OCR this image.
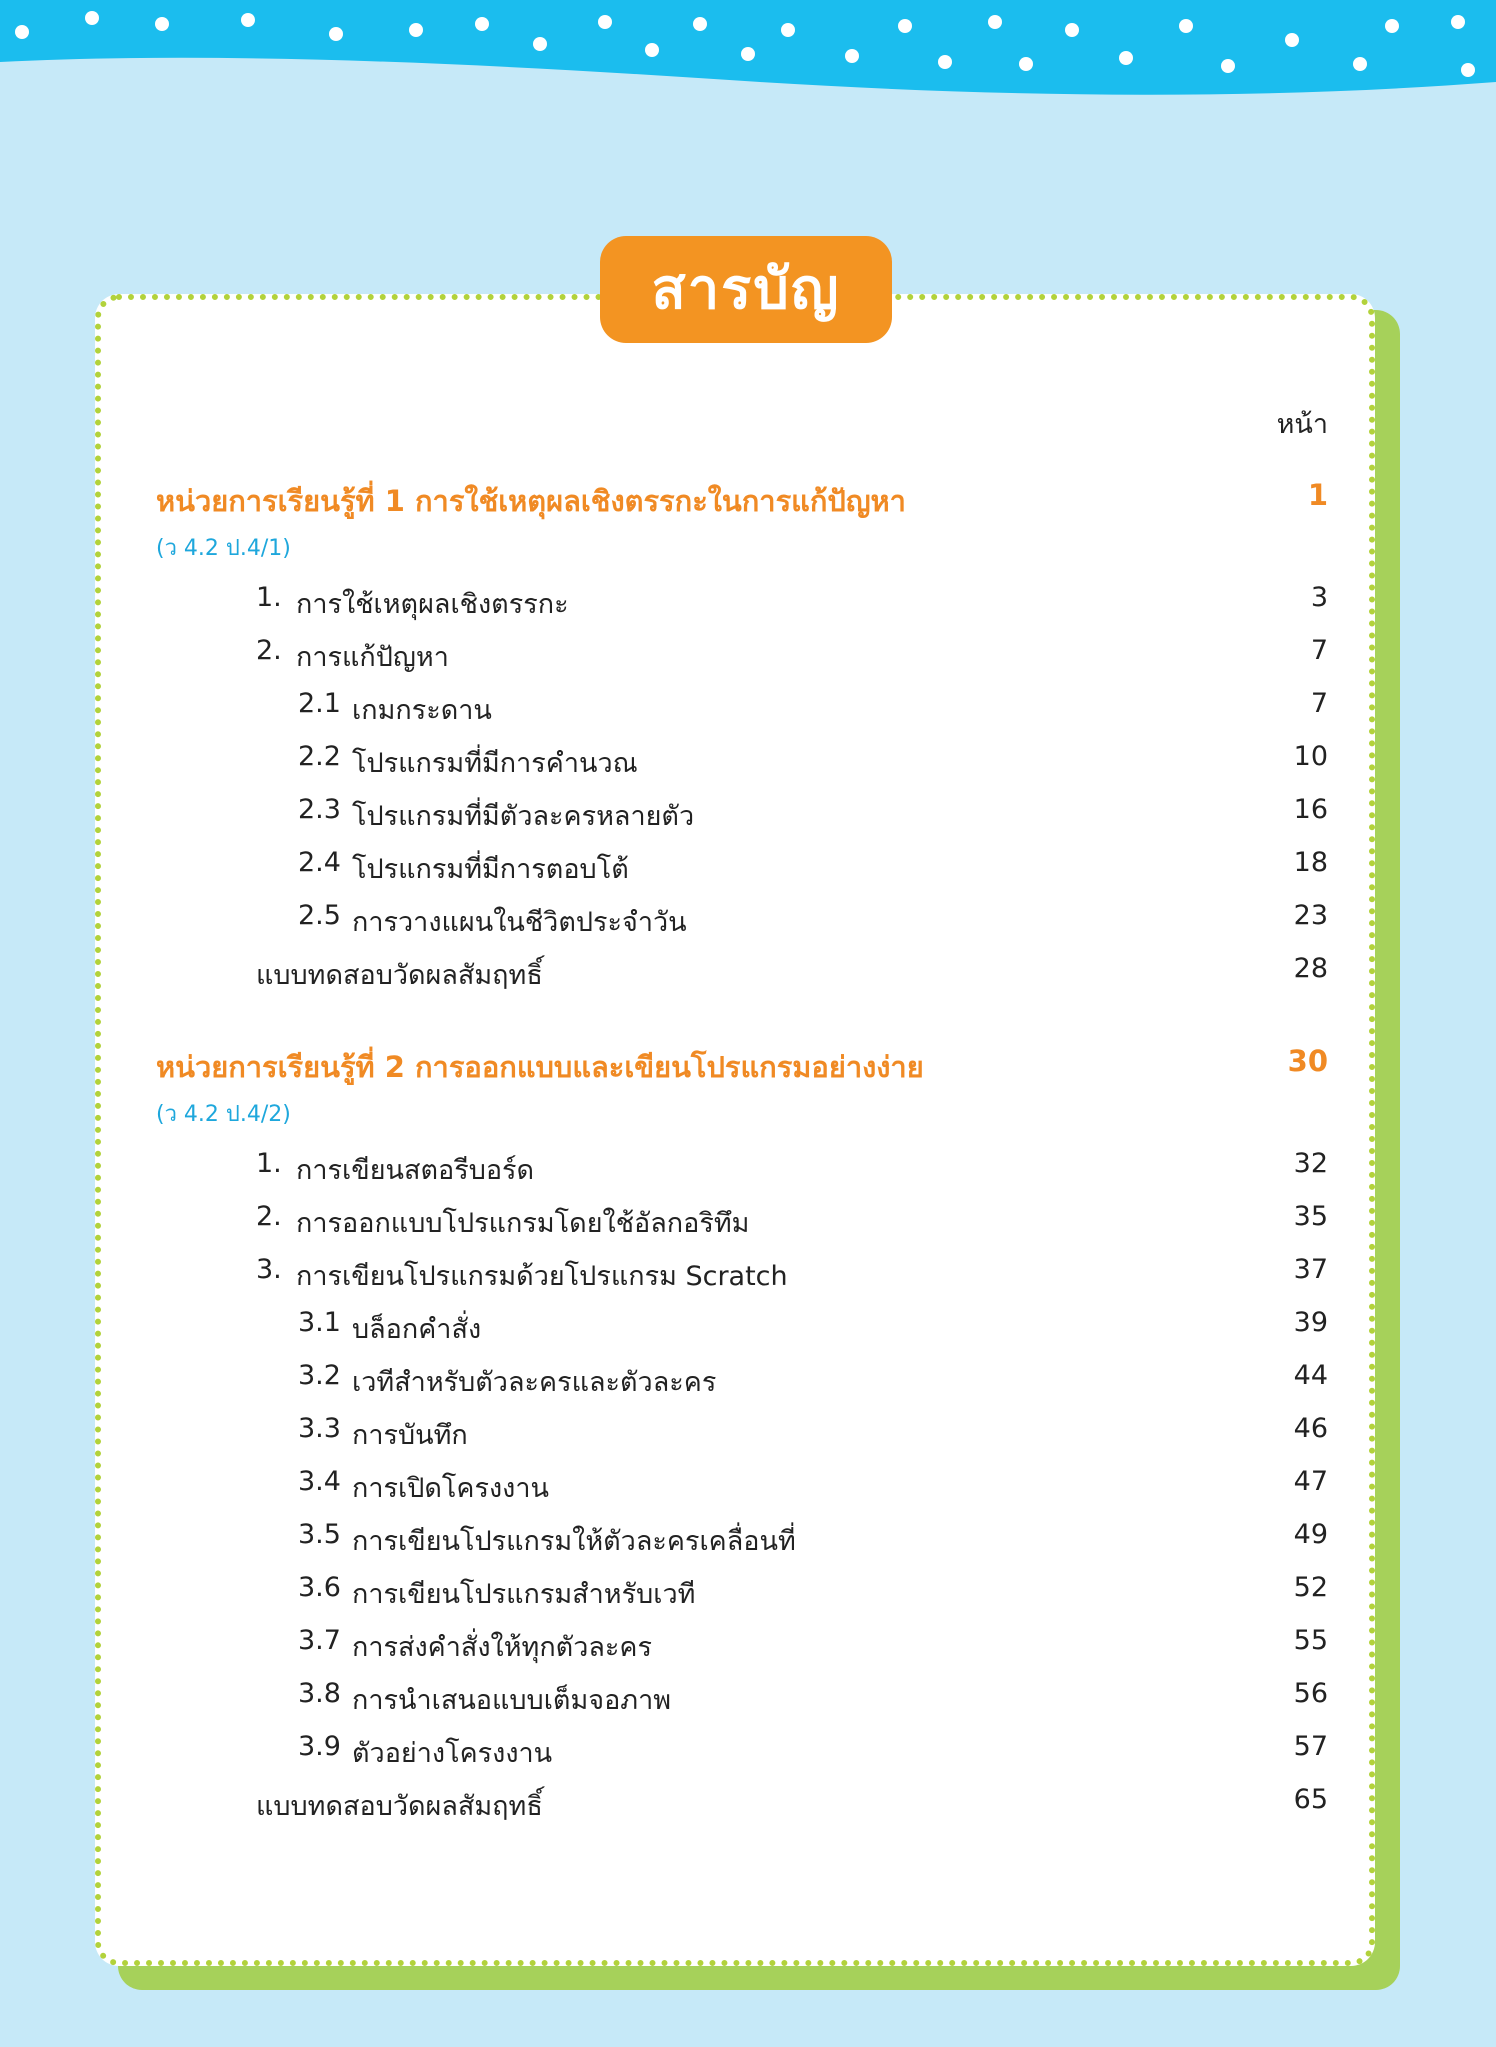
สารบัญ
หน้า
หน่วยการเรียนรู้ที่ 1 การใช้เหตุผลเชิงตรรกะในการแก้ปัญหา	1
(ว 4.2 ป.4/1)
1. การใช้เหตุผลเชิงตรรกะ	3
2. การแก้ปัญหา	7
2.1 เกมกระดาน	7
2.2 โปรแกรมที่มีการคำนวณ	10
2.3 โปรแกรมที่มีตัวละครหลายตัว	16
2.4 โปรแกรมที่มีการตอบโต้	18
2.5 การวางแผนในชีวิตประจำวัน	23
แบบทดสอบวัดผลสัมฤทธิ์	28
หน่วยการเรียนรู้ที่ 2 การออกแบบและเขียนโปรแกรมอย่างง่าย	30
(ว 4.2 ป.4/2)
1. การเขียนสตอรีบอร์ด	32
2. การออกแบบโปรแกรมโดยใช้อัลกอริทึม	35
3. การเขียนโปรแกรมด้วยโปรแกรม Scratch	37
3.1 บล็อกคำสั่ง	39
3.2 เวทีสำหรับตัวละครและตัวละคร	44
3.3 การบันทึก	46
3.4 การเปิดโครงงาน	47
3.5 การเขียนโปรแกรมให้ตัวละครเคลื่อนที่	49
3.6 การเขียนโปรแกรมสำหรับเวที	52
3.7 การส่งคำสั่งให้ทุกตัวละคร	55
3.8 การนำเสนอแบบเต็มจอภาพ	56
3.9 ตัวอย่างโครงงาน	57
แบบทดสอบวัดผลสัมฤทธิ์	65
